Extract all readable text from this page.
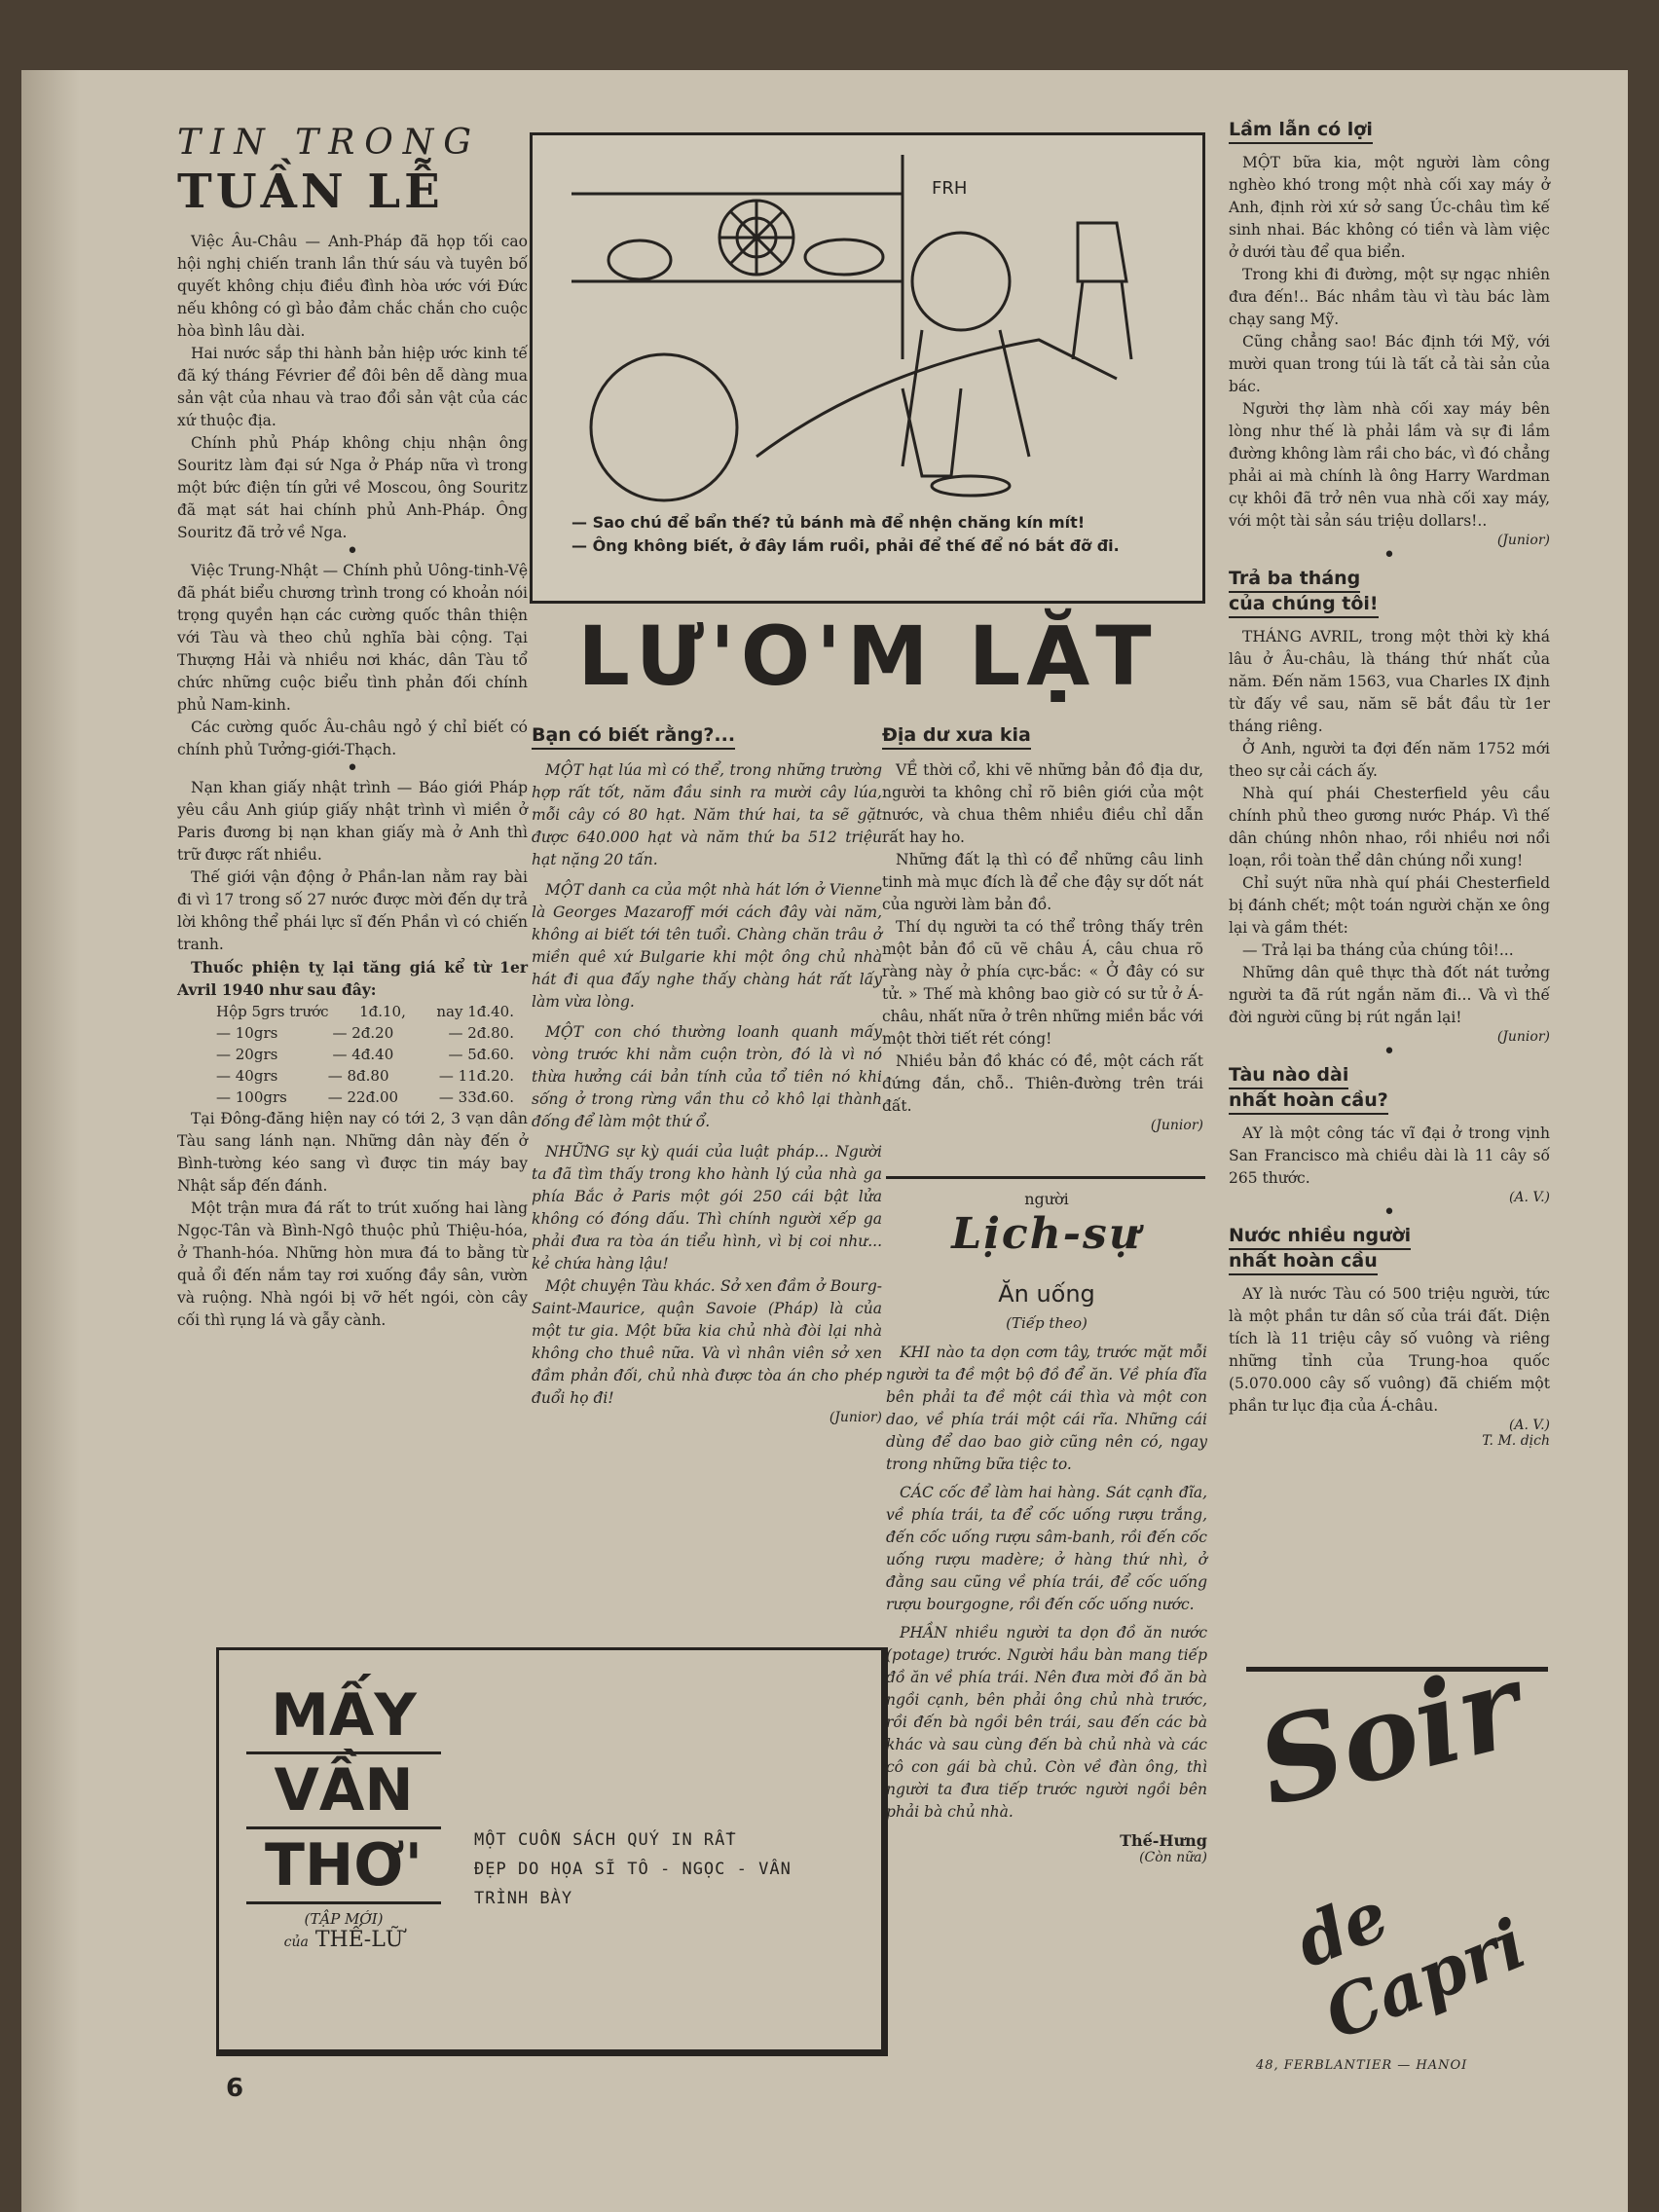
TIN TRONG
TUẦN LỄ

Việc Âu-Châu — Anh-Pháp đã họp tối cao hội nghị chiến tranh lần thứ sáu và tuyên bố quyết không chịu điều đình hòa ước với Đức nếu không có gì bảo đảm chắc chắn cho cuộc hòa bình lâu dài.

Hai nước sắp thi hành bản hiệp ước kinh tế đã ký tháng Février để đôi bên dễ dàng mua sản vật của nhau và trao đổi sản vật của các xứ thuộc địa.

Chính phủ Pháp không chịu nhận ông Souritz làm đại sứ Nga ở Pháp nữa vì trong một bức điện tín gửi về Moscou, ông Souritz đã mạt sát hai chính phủ Anh-Pháp. Ông Souritz đã trở về Nga.

•

Việc Trung-Nhật — Chính phủ Uông-tinh-Vệ đã phát biểu chương trình trong có khoản nói trọng quyền hạn các cường quốc thân thiện với Tàu và theo chủ nghĩa bài cộng. Tại Thượng Hải và nhiều nơi khác, dân Tàu tổ chức những cuộc biểu tình phản đối chính phủ Nam-kinh.

Các cường quốc Âu-châu ngỏ ý chỉ biết có chính phủ Tưởng-giới-Thạch.

•

Nạn khan giấy nhật trình — Báo giới Pháp yêu cầu Anh giúp giấy nhật trình vì miền ở Paris đương bị nạn khan giấy mà ở Anh thì trữ được rất nhiều.

Thế giới vận động ở Phần-lan nằm ray bài đi vì 17 trong số 27 nước được mời đến dự trả lời không thể phái lực sĩ đến Phần vì có chiến tranh.

Thuốc phiện tỵ lại tăng giá kể từ 1er Avril 1940 như sau đây:

Hộp 5grs trước 1đ.10, nay 1đ.40.
— 10grs	— 2đ.20	— 2đ.80.
— 20grs	— 4đ.40	— 5đ.60.
— 40grs	— 8đ.80	— 11đ.20.
— 100grs	— 22đ.00	— 33đ.60.

Tại Đông-đăng hiện nay có tới 2, 3 vạn dân Tàu sang lánh nạn. Những dân này đến ở Bình-tường kéo sang vì được tin máy bay Nhật sắp đến đánh.

Một trận mưa đá rất to trút xuống hai làng Ngọc-Tân và Bình-Ngô thuộc phủ Thiệu-hóa, ở Thanh-hóa. Những hòn mưa đá to bằng từ quả ổi đến nắm tay rơi xuống đầy sân, vườn và ruộng. Nhà ngói bị vỡ hết ngói, còn cây cối thì rụng lá và gẫy cành.

FRH
— Sao chú để bẩn thế? tủ bánh mà để nhện chăng kín mít!
— Ông không biết, ở đây lắm ruồi, phải để thế để nó bắt đỡ đi.
LƯ'O'M LẶT
Bạn có biết rằng?...

MỘT hạt lúa mì có thể, trong những trường hợp rất tốt, năm đầu sinh ra mười cây lúa, mỗi cây có 80 hạt. Năm thứ hai, ta sẽ gặt được 640.000 hạt và năm thứ ba 512 triệu hạt nặng 20 tấn.

MỘT danh ca của một nhà hát lớn ở Vienne là Georges Mazaroff mới cách đây vài năm, không ai biết tới tên tuổi. Chàng chăn trâu ở miền quê xứ Bulgarie khi một ông chủ nhà hát đi qua đấy nghe thấy chàng hát rất lấy làm vừa lòng.

MỘT con chó thường loanh quanh mấy vòng trước khi nằm cuộn tròn, đó là vì nó thừa hưởng cái bản tính của tổ tiên nó khi sống ở trong rừng vần thu cỏ khô lại thành đống để làm một thứ ổ.

NHỮNG sự kỳ quái của luật pháp... Người ta đã tìm thấy trong kho hành lý của nhà ga phía Bắc ở Paris một gói 250 cái bật lửa không có đóng dấu. Thì chính người xếp ga phải đưa ra tòa án tiểu hình, vì bị coi như... kẻ chứa hàng lậu!

Một chuyện Tàu khác. Sở xen đầm ở Bourg-Saint-Maurice, quận Savoie (Pháp) là của một tư gia. Một bữa kia chủ nhà đòi lại nhà không cho thuê nữa. Và vì nhân viên sở xen đầm phản đối, chủ nhà được tòa án cho phép đuổi họ đi!

(Junior)
Địa dư xưa kia

VỀ thời cổ, khi vẽ những bản đồ địa dư, người ta không chỉ rõ biên giới của một nước, và chua thêm nhiều điều chỉ dẫn rất hay ho.

Những đất lạ thì có để những câu linh tinh mà mục đích là để che đậy sự dốt nát của người làm bản đồ.

Thí dụ người ta có thể trông thấy trên một bản đồ cũ vẽ châu Á, câu chua rõ ràng này ở phía cực-bắc: « Ở đây có sư tử. » Thế mà không bao giờ có sư tử ở Á-châu, nhất nữa ở trên những miền bắc với một thời tiết rét cóng!

Nhiều bản đồ khác có đề, một cách rất đứng đắn, chỗ.. Thiên-đường trên trái đất.

(Junior)
người
Lịch-sự
Ăn uống
(Tiếp theo)

KHI nào ta dọn cơm tây, trước mặt mỗi người ta đề một bộ đồ để ăn. Về phía đĩa bên phải ta đề một cái thìa và một con dao, về phía trái một cái rĩa. Những cái dùng để dao bao giờ cũng nên có, ngay trong những bữa tiệc to.

CÁC cốc để làm hai hàng. Sát cạnh đĩa, về phía trái, ta để cốc uống rượu trắng, đến cốc uống rượu sâm-banh, rồi đến cốc uống rượu madère; ở hàng thứ nhì, ở đằng sau cũng về phía trái, để cốc uống rượu bourgogne, rồi đến cốc uống nước.

PHẦN nhiều người ta dọn đồ ăn nước (potage) trước. Người hầu bàn mang tiếp đồ ăn về phía trái. Nên đưa mời đồ ăn bà ngồi cạnh, bên phải ông chủ nhà trước, rồi đến bà ngồi bên trái, sau đến các bà khác và sau cùng đến bà chủ nhà và các cô con gái bà chủ. Còn về đàn ông, thì người ta đưa tiếp trước người ngồi bên phải bà chủ nhà.

Thế-Hưng
(Còn nữa)
Lầm lẫn có lợi

MỘT bữa kia, một người làm công nghèo khó trong một nhà cối xay máy ở Anh, định rời xứ sở sang Úc-châu tìm kế sinh nhai. Bác không có tiền và làm việc ở dưới tàu để qua biển.

Trong khi đi đường, một sự ngạc nhiên đưa đến!.. Bác nhầm tàu vì tàu bác làm chạy sang Mỹ.

Cũng chẳng sao! Bác định tới Mỹ, với mười quan trong túi là tất cả tài sản của bác.

Người thợ làm nhà cối xay máy bên lòng như thế là phải lầm và sự đi lầm đường không làm rầi cho bác, vì đó chẳng phải ai mà chính là ông Harry Wardman cự khôi đã trở nên vua nhà cối xay máy, với một tài sản sáu triệu dollars!..

(Junior)
•
Trả ba tháng
của chúng tôi!

THÁNG AVRIL, trong một thời kỳ khá lâu ở Âu-châu, là tháng thứ nhất của năm. Đến năm 1563, vua Charles IX định từ đấy về sau, năm sẽ bắt đầu từ 1er tháng riêng.

Ở Anh, người ta đợi đến năm 1752 mới theo sự cải cách ấy.

Nhà quí phái Chesterfield yêu cầu chính phủ theo gương nước Pháp. Vì thế dân chúng nhôn nhao, rồi nhiều nơi nổi loạn, rồi toàn thể dân chúng nổi xung!

Chỉ suýt nữa nhà quí phái Chesterfield bị đánh chết; một toán người chặn xe ông lại và gầm thét:

— Trả lại ba tháng của chúng tôi!...

Những dân quê thực thà đốt nát tưởng người ta đã rút ngắn năm đi... Và vì thế đời người cũng bị rút ngắn lại!

(Junior)
•
Tàu nào dài
nhất hoàn cầu?

AY là một công tác vĩ đại ở trong vịnh San Francisco mà chiều dài là 11 cây số 265 thước.

(A. V.)
•
Nước nhiều người
nhất hoàn cầu

AY là nước Tàu có 500 triệu người, tức là một phần tư dân số của trái đất. Diện tích là 11 triệu cây số vuông và riêng những tỉnh của Trung-hoa quốc (5.070.000 cây số vuông) đã chiếm một phần tư lục địa của Á-châu.

(A. V.)
T. M. dịch
MẤY
VẦN
THƠ'
(TẬP MỚI)
của THẾ-LỮ
MỘT CUỐN SÁCH QUÝ IN RẤT
ĐẸP DO HỌA SĨ TÔ - NGỌC - VÂN
TRÌNH BÀY
Soir
de Capri
48, FERBLANTIER — HANOI
6
